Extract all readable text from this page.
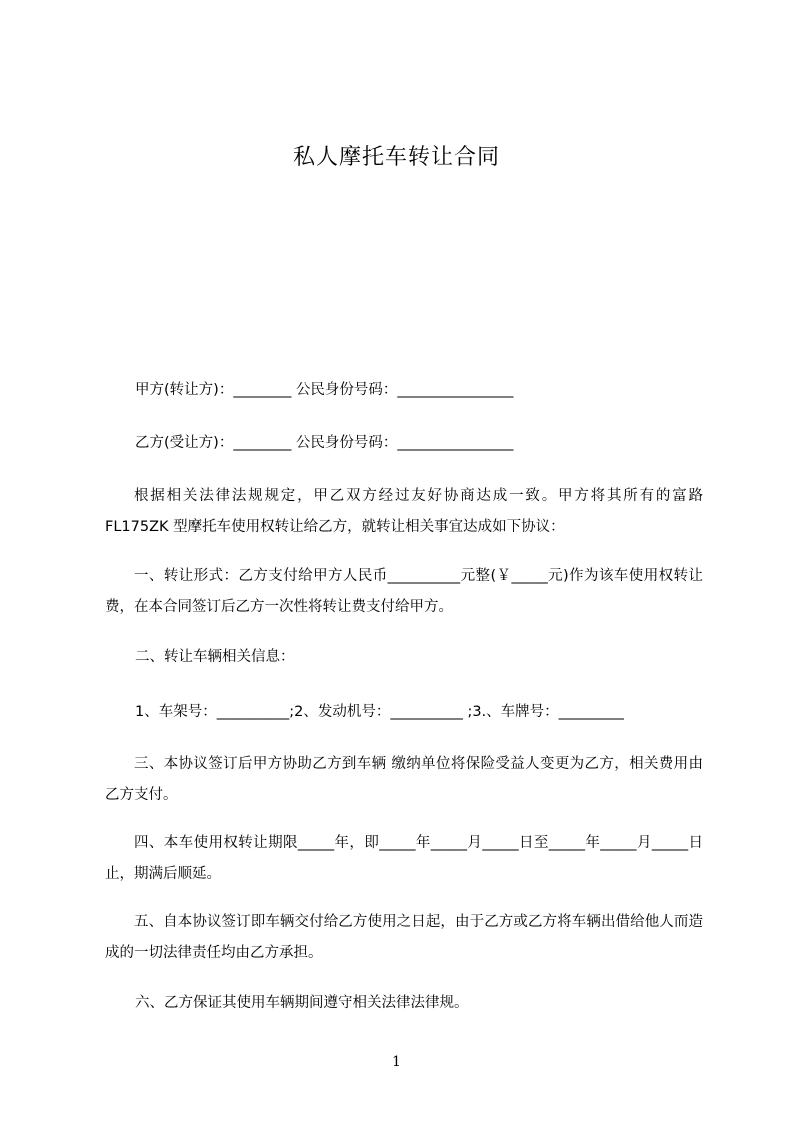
私人摩托车转让合同

甲方(转让方)：________ 公民身份号码：________________

乙方(受让方)：________ 公民身份号码：________________

根据相关法律法规规定，甲乙双方经过友好协商达成一致。甲方将其所有的富路FL175ZK 型摩托车使用权转让给乙方，就转让相关事宜达成如下协议：

一、转让形式：乙方支付给甲方人民币__________元整(￥_____元)作为该车使用权转让费，在本合同签订后乙方一次性将转让费支付给甲方。

二、转让车辆相关信息：

1、车架号：__________;2、发动机号：__________ ;3.、车牌号：_________

三、本协议签订后甲方协助乙方到车辆 缴纳单位将保险受益人变更为乙方，相关费用由乙方支付。

四、本车使用权转让期限_____年，即_____年_____月_____日至_____年_____月_____日止，期满后顺延。

五、自本协议签订即车辆交付给乙方使用之日起，由于乙方或乙方将车辆出借给他人而造成的一切法律责任均由乙方承担。

六、乙方保证其使用车辆期间遵守相关法律法律规。

1
